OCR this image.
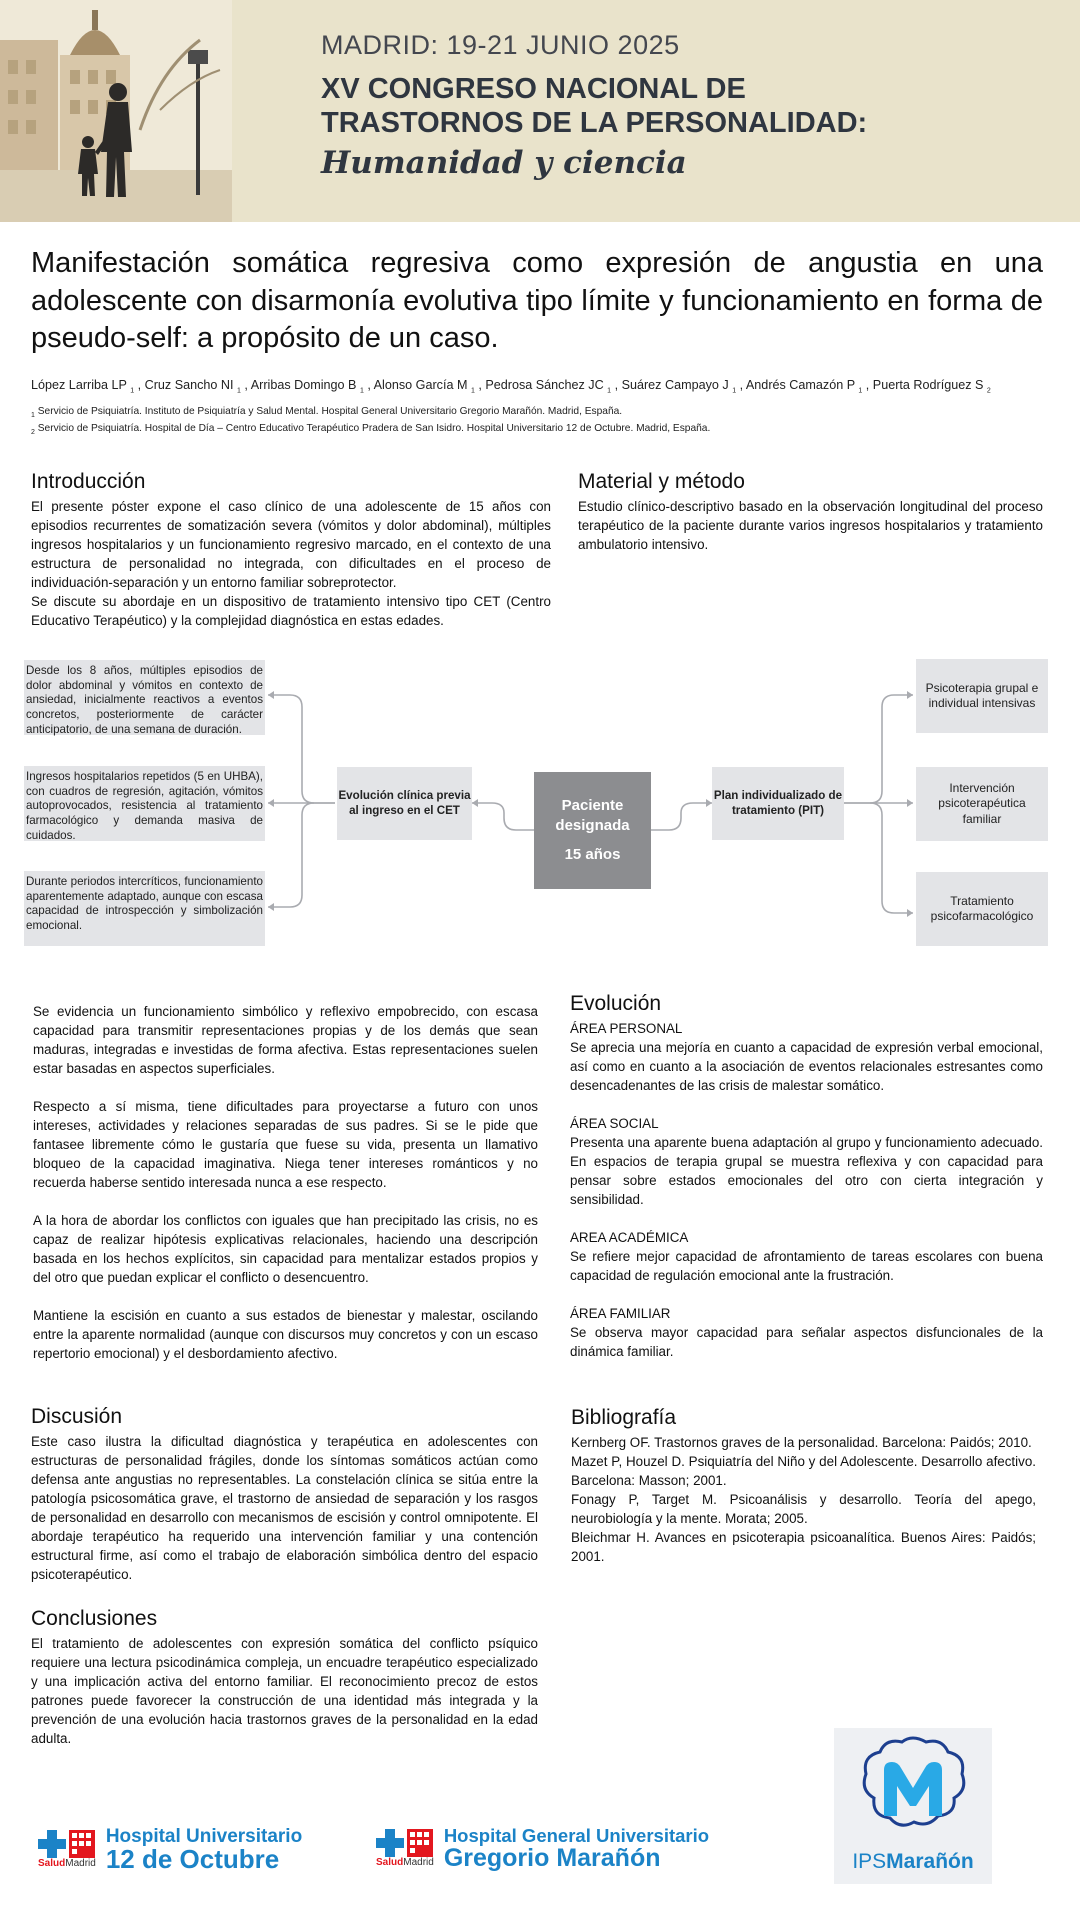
MADRID: 19-21 JUNIO 2025
XV CONGRESO NACIONAL DE
TRASTORNOS DE LA PERSONALIDAD:
Humanidad y ciencia
Manifestación somática regresiva como expresión de angustia en una adolescente con disarmonía evolutiva tipo límite y funcionamiento en forma de pseudo-self: a propósito de un caso.
López Larriba LP $_1$ , Cruz Sancho NI $_1$ , Arribas Domingo B $_1$ , Alonso García M $_1$ , Pedrosa Sánchez JC $_1$ , Suárez Campayo J $_1$ , Andrés Camazón P $_1$ , Puerta Rodríguez S $_2$
$_1$ Servicio de Psiquiatría. Instituto de Psiquiatría y Salud Mental. Hospital General Universitario Gregorio Marañón. Madrid, España.
$_2$ Servicio de Psiquiatría. Hospital de Día – Centro Educativo Terapéutico Pradera de San Isidro. Hospital Universitario 12 de Octubre. Madrid, España.
Introducción
El presente póster expone el caso clínico de una adolescente de 15 años con episodios recurrentes de somatización severa (vómitos y dolor abdominal), múltiples ingresos hospitalarios y un funcionamiento regresivo marcado, en el contexto de una estructura de personalidad no integrada, con dificultades en el proceso de individuación-separación y un entorno familiar sobreprotector.
Se discute su abordaje en un dispositivo de tratamiento intensivo tipo CET (Centro Educativo Terapéutico) y la complejidad diagnóstica en estas edades.
Material y método
Estudio clínico-descriptivo basado en la observación longitudinal del proceso terapéutico de la paciente durante varios ingresos hospitalarios y tratamiento ambulatorio intensivo.
Desde los 8 años, múltiples episodios de dolor abdominal y vómitos en contexto de ansiedad, inicialmente reactivos a eventos concretos, posteriormente de carácter anticipatorio, de una semana de duración.
Ingresos hospitalarios repetidos (5 en UHBA), con cuadros de regresión, agitación, vómitos autoprovocados, resistencia al tratamiento farmacológico y demanda masiva de cuidados.
Durante periodos intercríticos, funcionamiento aparentemente adaptado, aunque con escasa capacidad de introspección y simbolización emocional.
Evolución clínica previa al ingreso en el CET	Paciente
designada
15 años
Plan individualizado de tratamiento (PIT)
Psicoterapia grupal e individual intensivas
Intervención psicoterapéutica familiar
Tratamiento psicofarmacológico
Se evidencia un funcionamiento simbólico y reflexivo empobrecido, con escasa capacidad para transmitir representaciones propias y de los demás que sean maduras, integradas e investidas de forma afectiva. Estas representaciones suelen estar basadas en aspectos superficiales.
Respecto a sí misma, tiene dificultades para proyectarse a futuro con unos intereses, actividades y relaciones separadas de sus padres. Si se le pide que fantasee libremente cómo le gustaría que fuese su vida, presenta un llamativo bloqueo de la capacidad imaginativa. Niega tener intereses románticos y no recuerda haberse sentido interesada nunca a ese respecto.
A la hora de abordar los conflictos con iguales que han precipitado las crisis, no es capaz de realizar hipótesis explicativas relacionales, haciendo una descripción basada en los hechos explícitos, sin capacidad para mentalizar estados propios y del otro que puedan explicar el conflicto o desencuentro.
Mantiene la escisión en cuanto a sus estados de bienestar y malestar, oscilando entre la aparente normalidad (aunque con discursos muy concretos y con un escaso repertorio emocional) y el desbordamiento afectivo.
Evolución
ÁREA PERSONAL
Se aprecia una mejoría en cuanto a capacidad de expresión verbal emocional, así como en cuanto a la asociación de eventos relacionales estresantes como desencadenantes de las crisis de malestar somático.
ÁREA SOCIAL
Presenta una aparente buena adaptación al grupo y funcionamiento adecuado. En espacios de terapia grupal se muestra reflexiva y con capacidad para pensar sobre estados emocionales del otro con cierta integración y sensibilidad.
AREA ACADÉMICA
Se refiere mejor capacidad de afrontamiento de tareas escolares con buena capacidad de regulación emocional ante la frustración.
ÁREA FAMILIAR
Se observa mayor capacidad para señalar aspectos disfuncionales de la dinámica familiar.
Discusión
Este caso ilustra la dificultad diagnóstica y terapéutica en adolescentes con estructuras de personalidad frágiles, donde los síntomas somáticos actúan como defensa ante angustias no representables. La constelación clínica se sitúa entre la patología psicosomática grave, el trastorno de ansiedad de separación y los rasgos de personalidad en desarrollo con mecanismos de escisión y control omnipotente. El abordaje terapéutico ha requerido una intervención familiar y una contención estructural firme, así como el trabajo de elaboración simbólica dentro del espacio psicoterapéutico.
Conclusiones
El tratamiento de adolescentes con expresión somática del conflicto psíquico requiere una lectura psicodinámica compleja, un encuadre terapéutico especializado y una implicación activa del entorno familiar. El reconocimiento precoz de estos patrones puede favorecer la construcción de una identidad más integrada y la prevención de una evolución hacia trastornos graves de la personalidad en la edad adulta.
Bibliografía
Kernberg OF. Trastornos graves de la personalidad. Barcelona: Paidós; 2010.
Mazet P, Houzel D. Psiquiatría del Niño y del Adolescente. Desarrollo afectivo. Barcelona: Masson; 2001.
Fonagy P, Target M. Psicoanálisis y desarrollo. Teoría del apego, neurobiología y la mente. Morata; 2005.
Bleichmar H. Avances en psicoterapia psicoanalítica. Buenos Aires: Paidós; 2001.
SaludMadrid
Hospital Universitario
12 de Octubre	SaludMadrid
Hospital General Universitario
Gregorio Marañón	IPSMarañón
